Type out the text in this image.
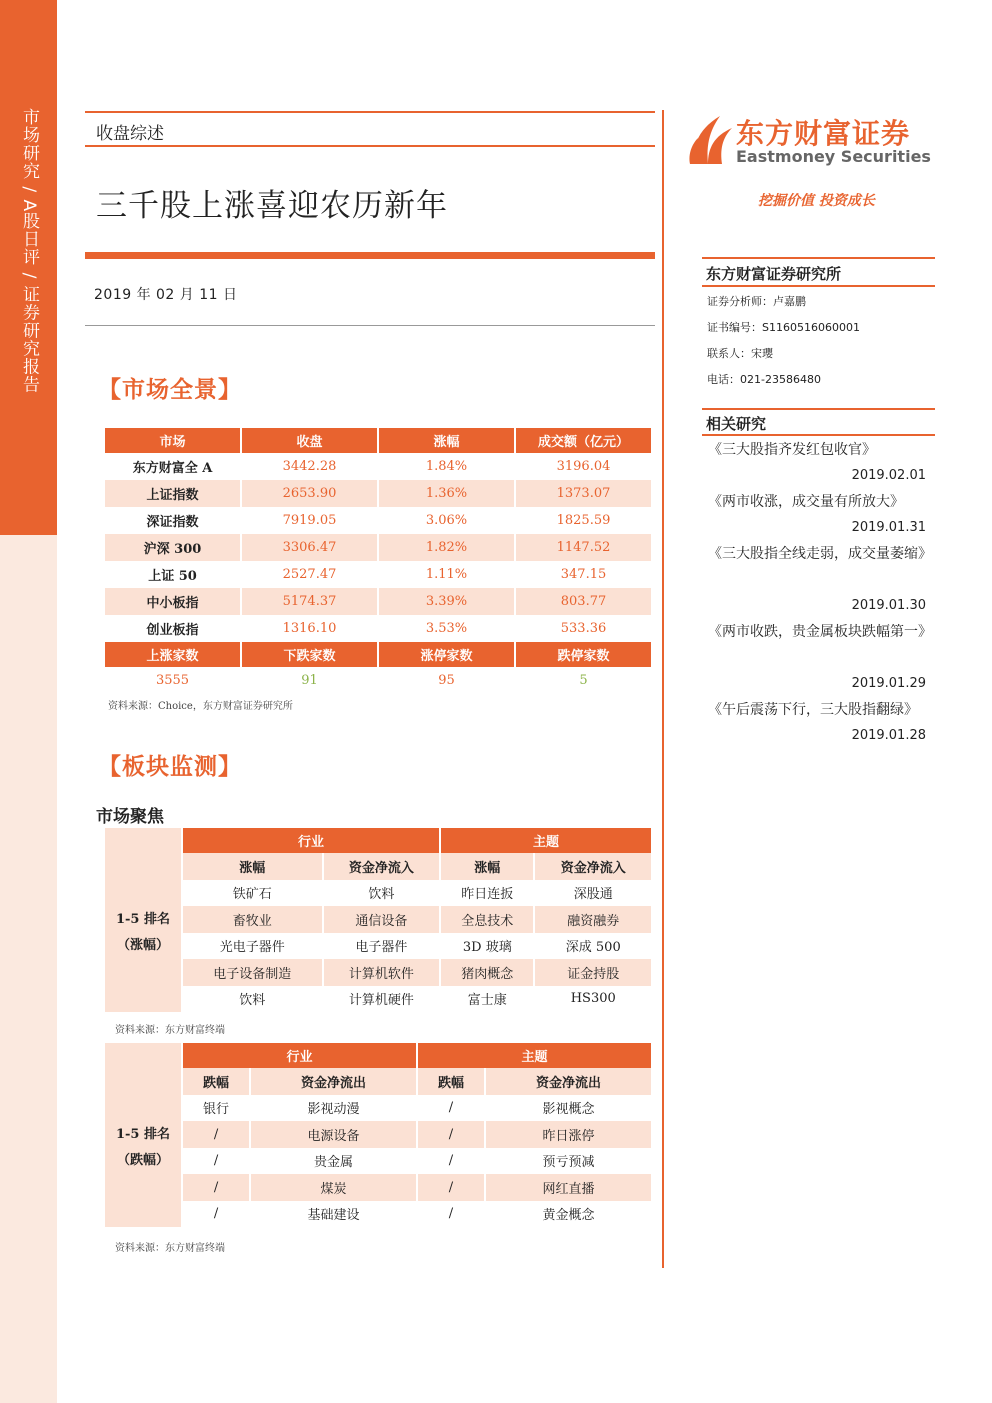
市场研究 / A股日评 / 证券研究报告	收盘综述
三千股上涨喜迎农历新年
2019 年 02 月 11 日
东方财富证券
Eastmoney Securities
挖掘价值 投资成长
东方财富证券研究所
证券分析师：卢嘉鹏
证书编号：S1160516060001
联系人：宋瓔
电话：021-23586480
相关研究
《三大股指齐发红包收官》
2019.02.01
《两市收涨，成交量有所放大》
2019.01.31
《三大股指全线走弱，成交量萎缩》
2019.01.30
《两市收跌，贵金属板块跌幅第一》
2019.01.29
《午后震荡下行，三大股指翻绿》
2019.01.28
【市场全景】
市场	收盘	涨幅	成交额（亿元）
东方财富全 A	3442.28	1.84%	3196.04
上证指数	2653.90	1.36%	1373.07
深证指数	7919.05	3.06%	1825.59
沪深 300	3306.47	1.82%	1147.52
上证 50	2527.47	1.11%	347.15
中小板指	5174.37	3.39%	803.77
创业板指	1316.10	3.53%	533.36
上涨家数	下跌家数	涨停家数	跌停家数
3555	91	95	5
资料来源：Choice，东方财富证券研究所
【板块监测】
市场聚焦
	行业		主题	
1-5 排名（涨幅）	涨幅	资金净流入	涨幅	资金净流入
	铁矿石	饮料	昨日连扳	深股通
	畜牧业	通信设备	全息技术	融资融券
	光电子器件	电子器件	3D 玻璃	深成 500
	电子设备制造	计算机软件	猪肉概念	证金持股
	饮料	计算机硬件	富士康	HS300
资料来源：东方财富终端
	行业		主题	
1-5 排名（跌幅）	跌幅	资金净流出	跌幅	资金净流出
	银行	影视动漫	/	影视概念
	/	电源设备	/	昨日涨停
	/	贵金属	/	预亏预减
	/	煤炭	/	网红直播
	/	基础建设	/	黄金概念
资料来源：东方财富终端
